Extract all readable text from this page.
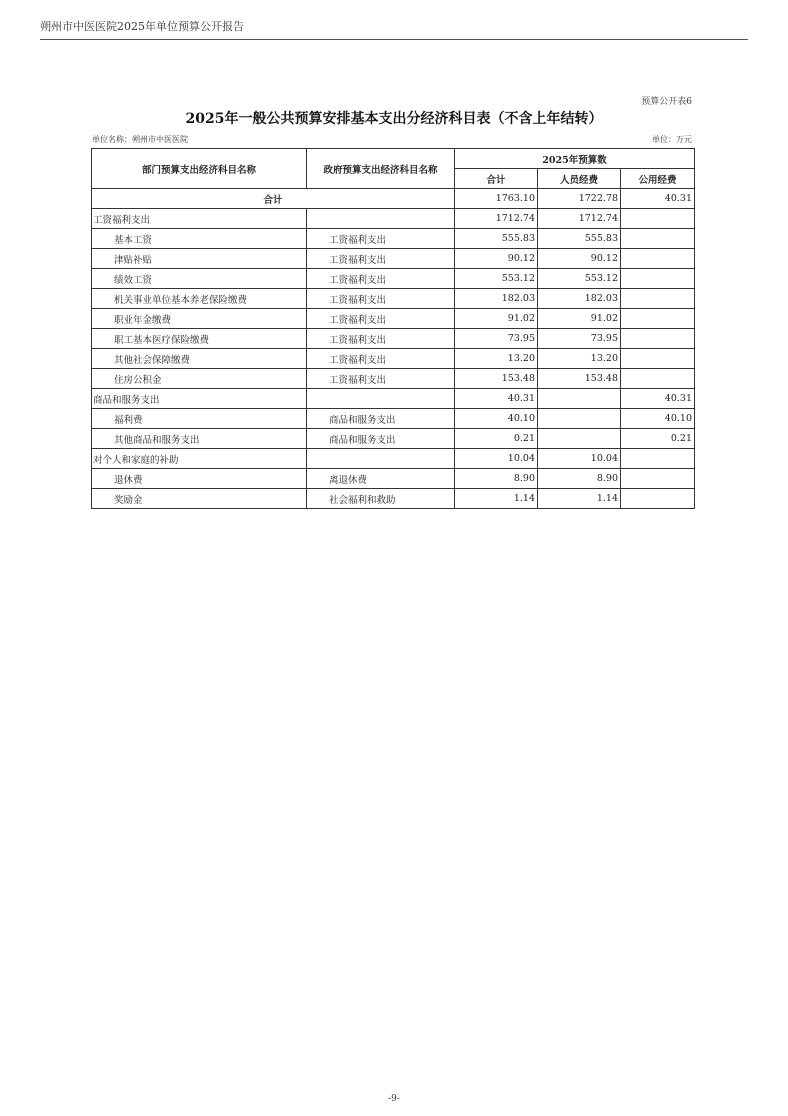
朔州市中医医院2025年单位预算公开报告
预算公开表6
2025年一般公共预算安排基本支出分经济科目表（不含上年结转）
单位名称：朔州市中医医院	单位：万元
部门预算支出经济科目名称	政府预算支出经济科目名称	2025年预算数		
		合计	人员经费	公用经费
合计		1763.10	1722.78	40.31
工资福利支出		1712.74	1712.74	
基本工资	工资福利支出	555.83	555.83	
津贴补贴	工资福利支出	90.12	90.12	
绩效工资	工资福利支出	553.12	553.12	
机关事业单位基本养老保险缴费	工资福利支出	182.03	182.03	
职业年金缴费	工资福利支出	91.02	91.02	
职工基本医疗保险缴费	工资福利支出	73.95	73.95	
其他社会保障缴费	工资福利支出	13.20	13.20	
住房公积金	工资福利支出	153.48	153.48	
商品和服务支出		40.31		40.31
福利费	商品和服务支出	40.10		40.10
其他商品和服务支出	商品和服务支出	0.21		0.21
对个人和家庭的补助		10.04	10.04	
退休费	离退休费	8.90	8.90	
奖励金	社会福利和救助	1.14	1.14	
-9-
